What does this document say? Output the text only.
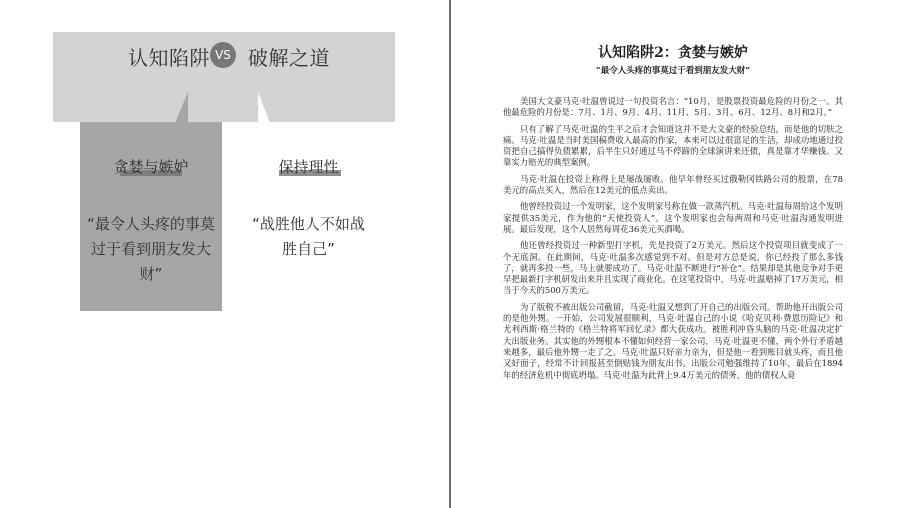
认知陷阱 VS 破解之道
贪婪与嫉妒
“最令人头疼的事莫过于看到朋友发大财”
保持理性
“战胜他人不如战胜自己”
认知陷阱2：贪婪与嫉妒

“最令人头疼的事莫过于看到朋友发大财”

美国大文豪马克·吐温曾说过一句投资名言：“10月，是股票投资最危险的月份之一。其他最危险的月份是：7月、1月、9月、4月、11月、5月、3月、6月、12月、8月和2月。”

只有了解了马克·吐温的生平之后才会知道这并不是大文豪的经验总结，而是他的切肤之痛。马克·吐温是当时美国稿费收入最高的作家，本来可以过很富足的生活，却成功地通过投资把自己搞得负债累累，后半生只好通过马不停蹄的全球演讲来还债，真是靠才华赚钱、又靠实力赔光的典型案例。

马克·吐温在投资上称得上是屡战屡败。他早年曾经买过俄勒冈铁路公司的股票，在78美元的高点买入，然后在12美元的低点卖出。

他曾经投资过一个发明家，这个发明家号称在做一款蒸汽机。马克·吐温每周给这个发明家提供35美元，作为他的“天使投资人”。这个发明家也会每两周和马克·吐温沟通发明进展。最后发现，这个人居然每周花36美元买酒喝。

他还曾经投资过一种新型打字机，先是投资了2万美元。然后这个投资项目就变成了一个无底洞。在此期间，马克·吐温多次感觉到不对。但是对方总是说，你已经投了那么多钱了，就再多投一些，马上就要成功了。马克·吐温不断进行“补仓”。结果却是其他竞争对手更早把最新打字机研发出来并且实现了商业化。在这笔投资中，马克·吐温赔掉了17万美元，相当于今天的500万美元。

为了版税不被出版公司截留，马克·吐温又想到了开自己的出版公司。帮助他开出版公司的是他外甥。一开始，公司发展很顺利，马克·吐温自己的小说《哈克贝利·费恩历险记》和尤利西斯·格兰特的《格兰特将军回忆录》都大获成功。被胜利冲昏头脑的马克·吐温决定扩大出版业务。其实他的外甥根本不懂如何经营一家公司，马克·吐温更不懂，两个外行矛盾越来越多，最后他外甥一走了之。马克·吐温只好亲力亲为，但是他一看到账目就头疼，而且他又好面子，经常不计回报甚至倒贴钱为朋友出书。出版公司勉强维持了10年，最后在1894年的经济危机中彻底坍塌。马克·吐温为此背上9.4万美元的债务，他的债权人竟
